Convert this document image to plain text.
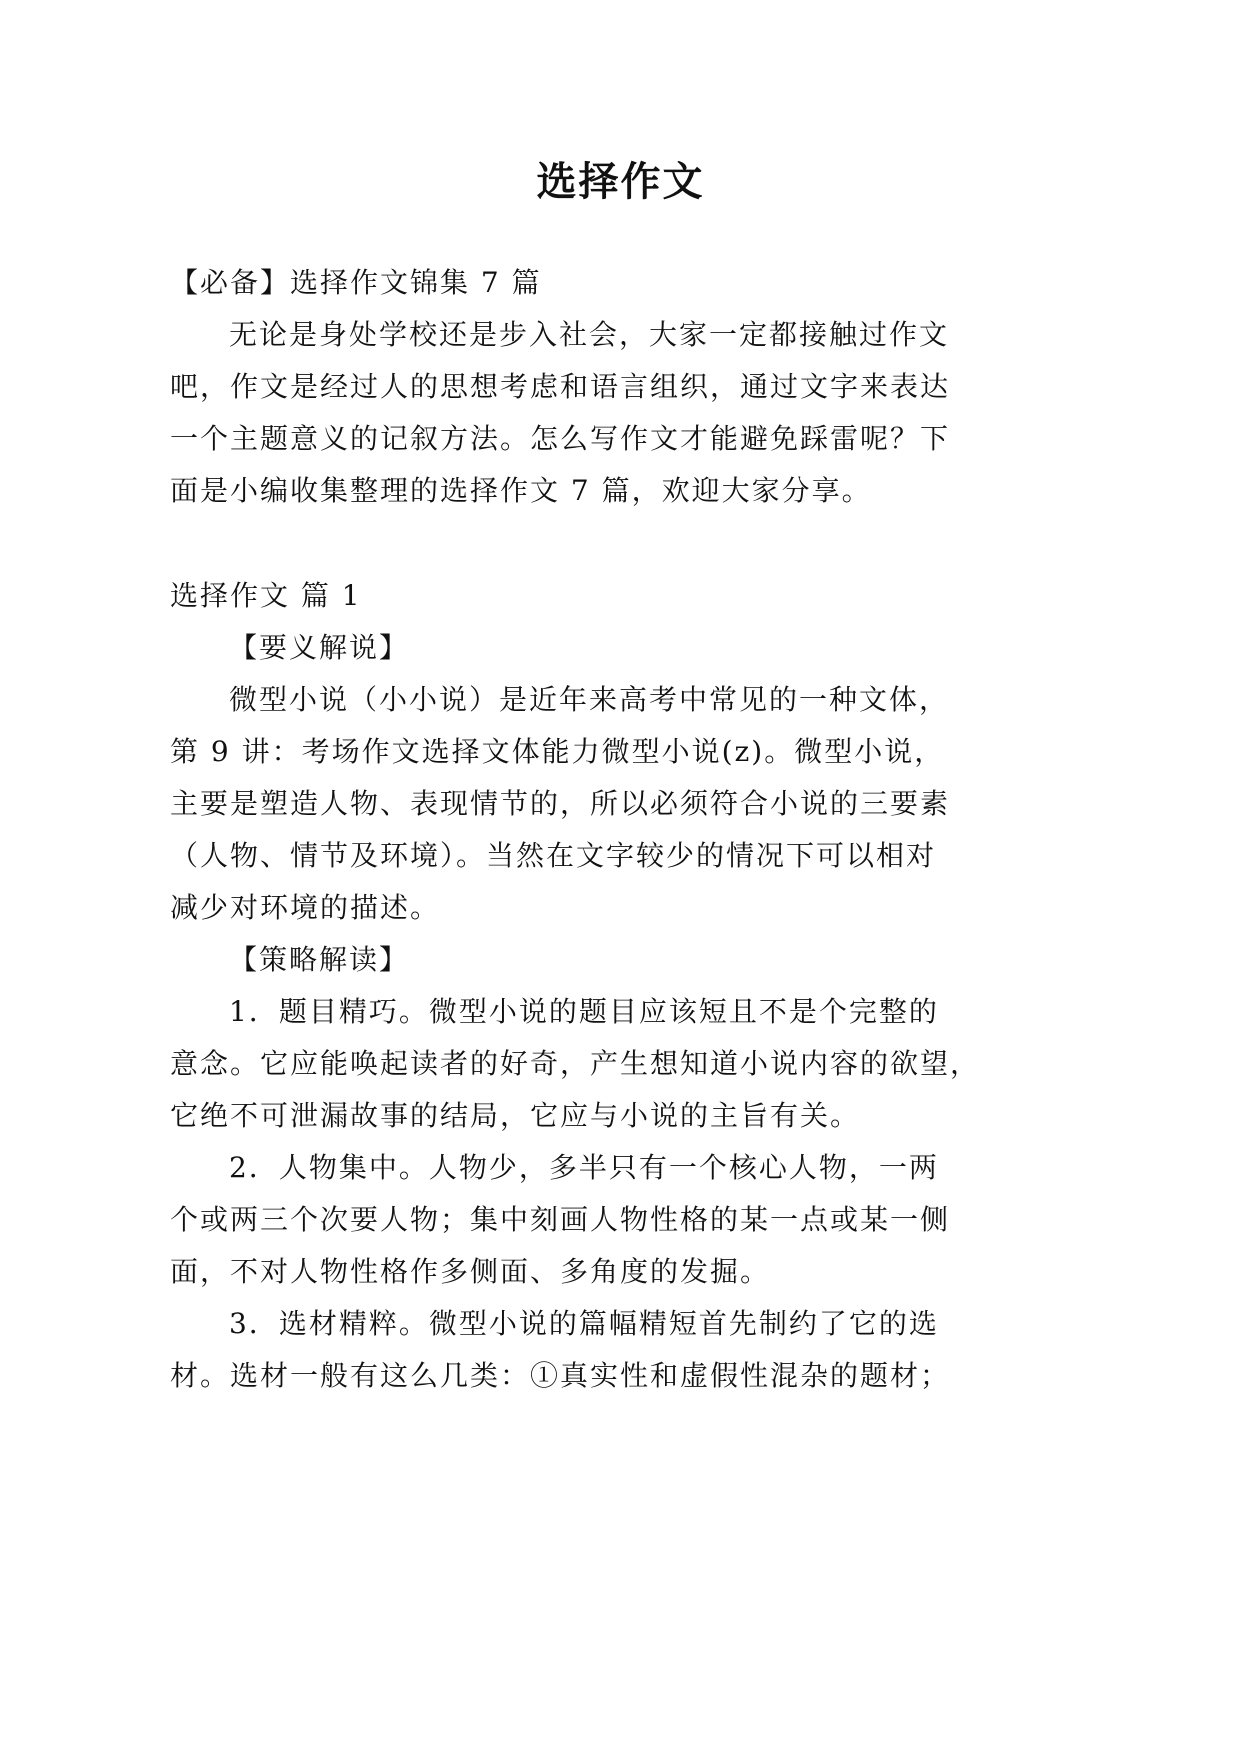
选择作文
【必备】选择作文锦集 7 篇
无论是身处学校还是步入社会，大家一定都接触过作文
吧，作文是经过人的思想考虑和语言组织，通过文字来表达
一个主题意义的记叙方法。怎么写作文才能避免踩雷呢？下
面是小编收集整理的选择作文 7 篇，欢迎大家分享。
选择作文 篇 1
【要义解说】
微型小说（小小说）是近年来高考中常见的一种文体，
第 9 讲：考场作文选择文体能力微型小说(z)。微型小说，
主要是塑造人物、表现情节的，所以必须符合小说的三要素
（人物、情节及环境）。当然在文字较少的情况下可以相对
减少对环境的描述。
【策略解读】
1．题目精巧。微型小说的题目应该短且不是个完整的
意念。它应能唤起读者的好奇，产生想知道小说内容的欲望，
它绝不可泄漏故事的结局，它应与小说的主旨有关。
2．人物集中。人物少，多半只有一个核心人物，一两
个或两三个次要人物；集中刻画人物性格的某一点或某一侧
面，不对人物性格作多侧面、多角度的发掘。
3．选材精粹。微型小说的篇幅精短首先制约了它的选
材。选材一般有这么几类：①真实性和虚假性混杂的题材；
